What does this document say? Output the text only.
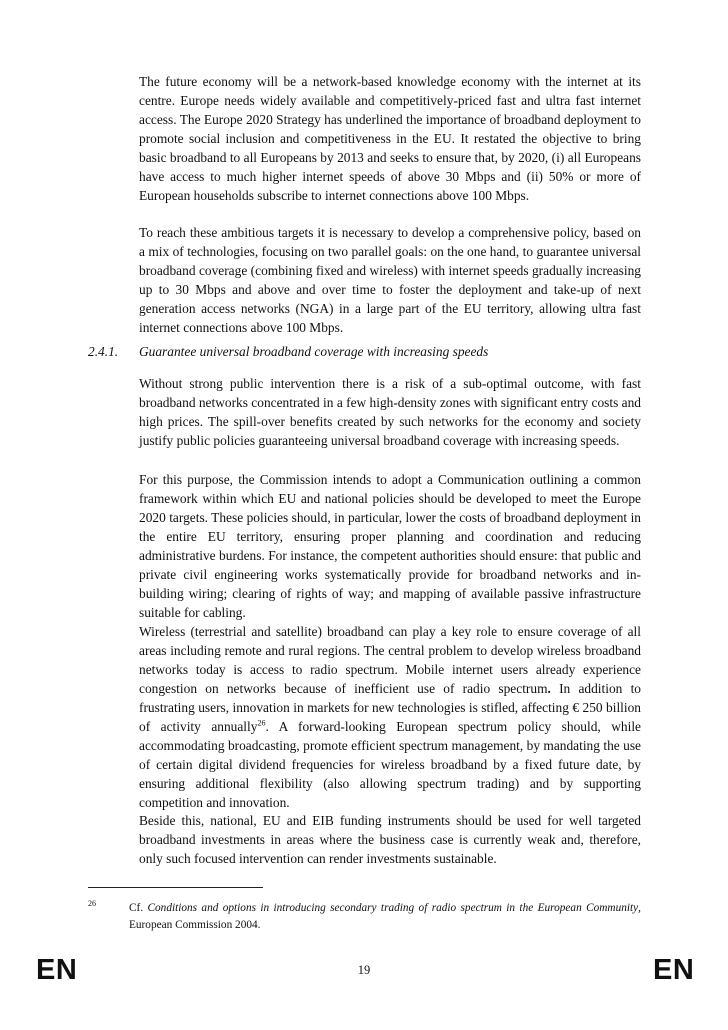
The future economy will be a network-based knowledge economy with the internet at its centre. Europe needs widely available and competitively-priced fast and ultra fast internet access. The Europe 2020 Strategy has underlined the importance of broadband deployment to promote social inclusion and competitiveness in the EU. It restated the objective to bring basic broadband to all Europeans by 2013 and seeks to ensure that, by 2020, (i) all Europeans have access to much higher internet speeds of above 30 Mbps and (ii) 50% or more of European households subscribe to internet connections above 100 Mbps.

To reach these ambitious targets it is necessary to develop a comprehensive policy, based on a mix of technologies, focusing on two parallel goals: on the one hand, to guarantee universal broadband coverage (combining fixed and wireless) with internet speeds gradually increasing up to 30 Mbps and above and over time to foster the deployment and take-up of next generation access networks (NGA) in a large part of the EU territory, allowing ultra fast internet connections above 100 Mbps.

2.4.1. Guarantee universal broadband coverage with increasing speeds

Without strong public intervention there is a risk of a sub-optimal outcome, with fast broadband networks concentrated in a few high-density zones with significant entry costs and high prices. The spill-over benefits created by such networks for the economy and society justify public policies guaranteeing universal broadband coverage with increasing speeds.

For this purpose, the Commission intends to adopt a Communication outlining a common framework within which EU and national policies should be developed to meet the Europe 2020 targets. These policies should, in particular, lower the costs of broadband deployment in the entire EU territory, ensuring proper planning and coordination and reducing administrative burdens. For instance, the competent authorities should ensure: that public and private civil engineering works systematically provide for broadband networks and in-building wiring; clearing of rights of way; and mapping of available passive infrastructure suitable for cabling.

Wireless (terrestrial and satellite) broadband can play a key role to ensure coverage of all areas including remote and rural regions. The central problem to develop wireless broadband networks today is access to radio spectrum. Mobile internet users already experience congestion on networks because of inefficient use of radio spectrum. In addition to frustrating users, innovation in markets for new technologies is stifled, affecting € 250 billion of activity annually$^{26}$. A forward-looking European spectrum policy should, while accommodating broadcasting, promote efficient spectrum management, by mandating the use of certain digital dividend frequencies for wireless broadband by a fixed future date, by ensuring additional flexibility (also allowing spectrum trading) and by supporting competition and innovation.

Beside this, national, EU and EIB funding instruments should be used for well targeted broadband investments in areas where the business case is currently weak and, therefore, only such focused intervention can render investments sustainable.

26	Cf. Conditions and options in introducing secondary trading of radio spectrum in the European Community, European Commission 2004.

EN	19	EN
